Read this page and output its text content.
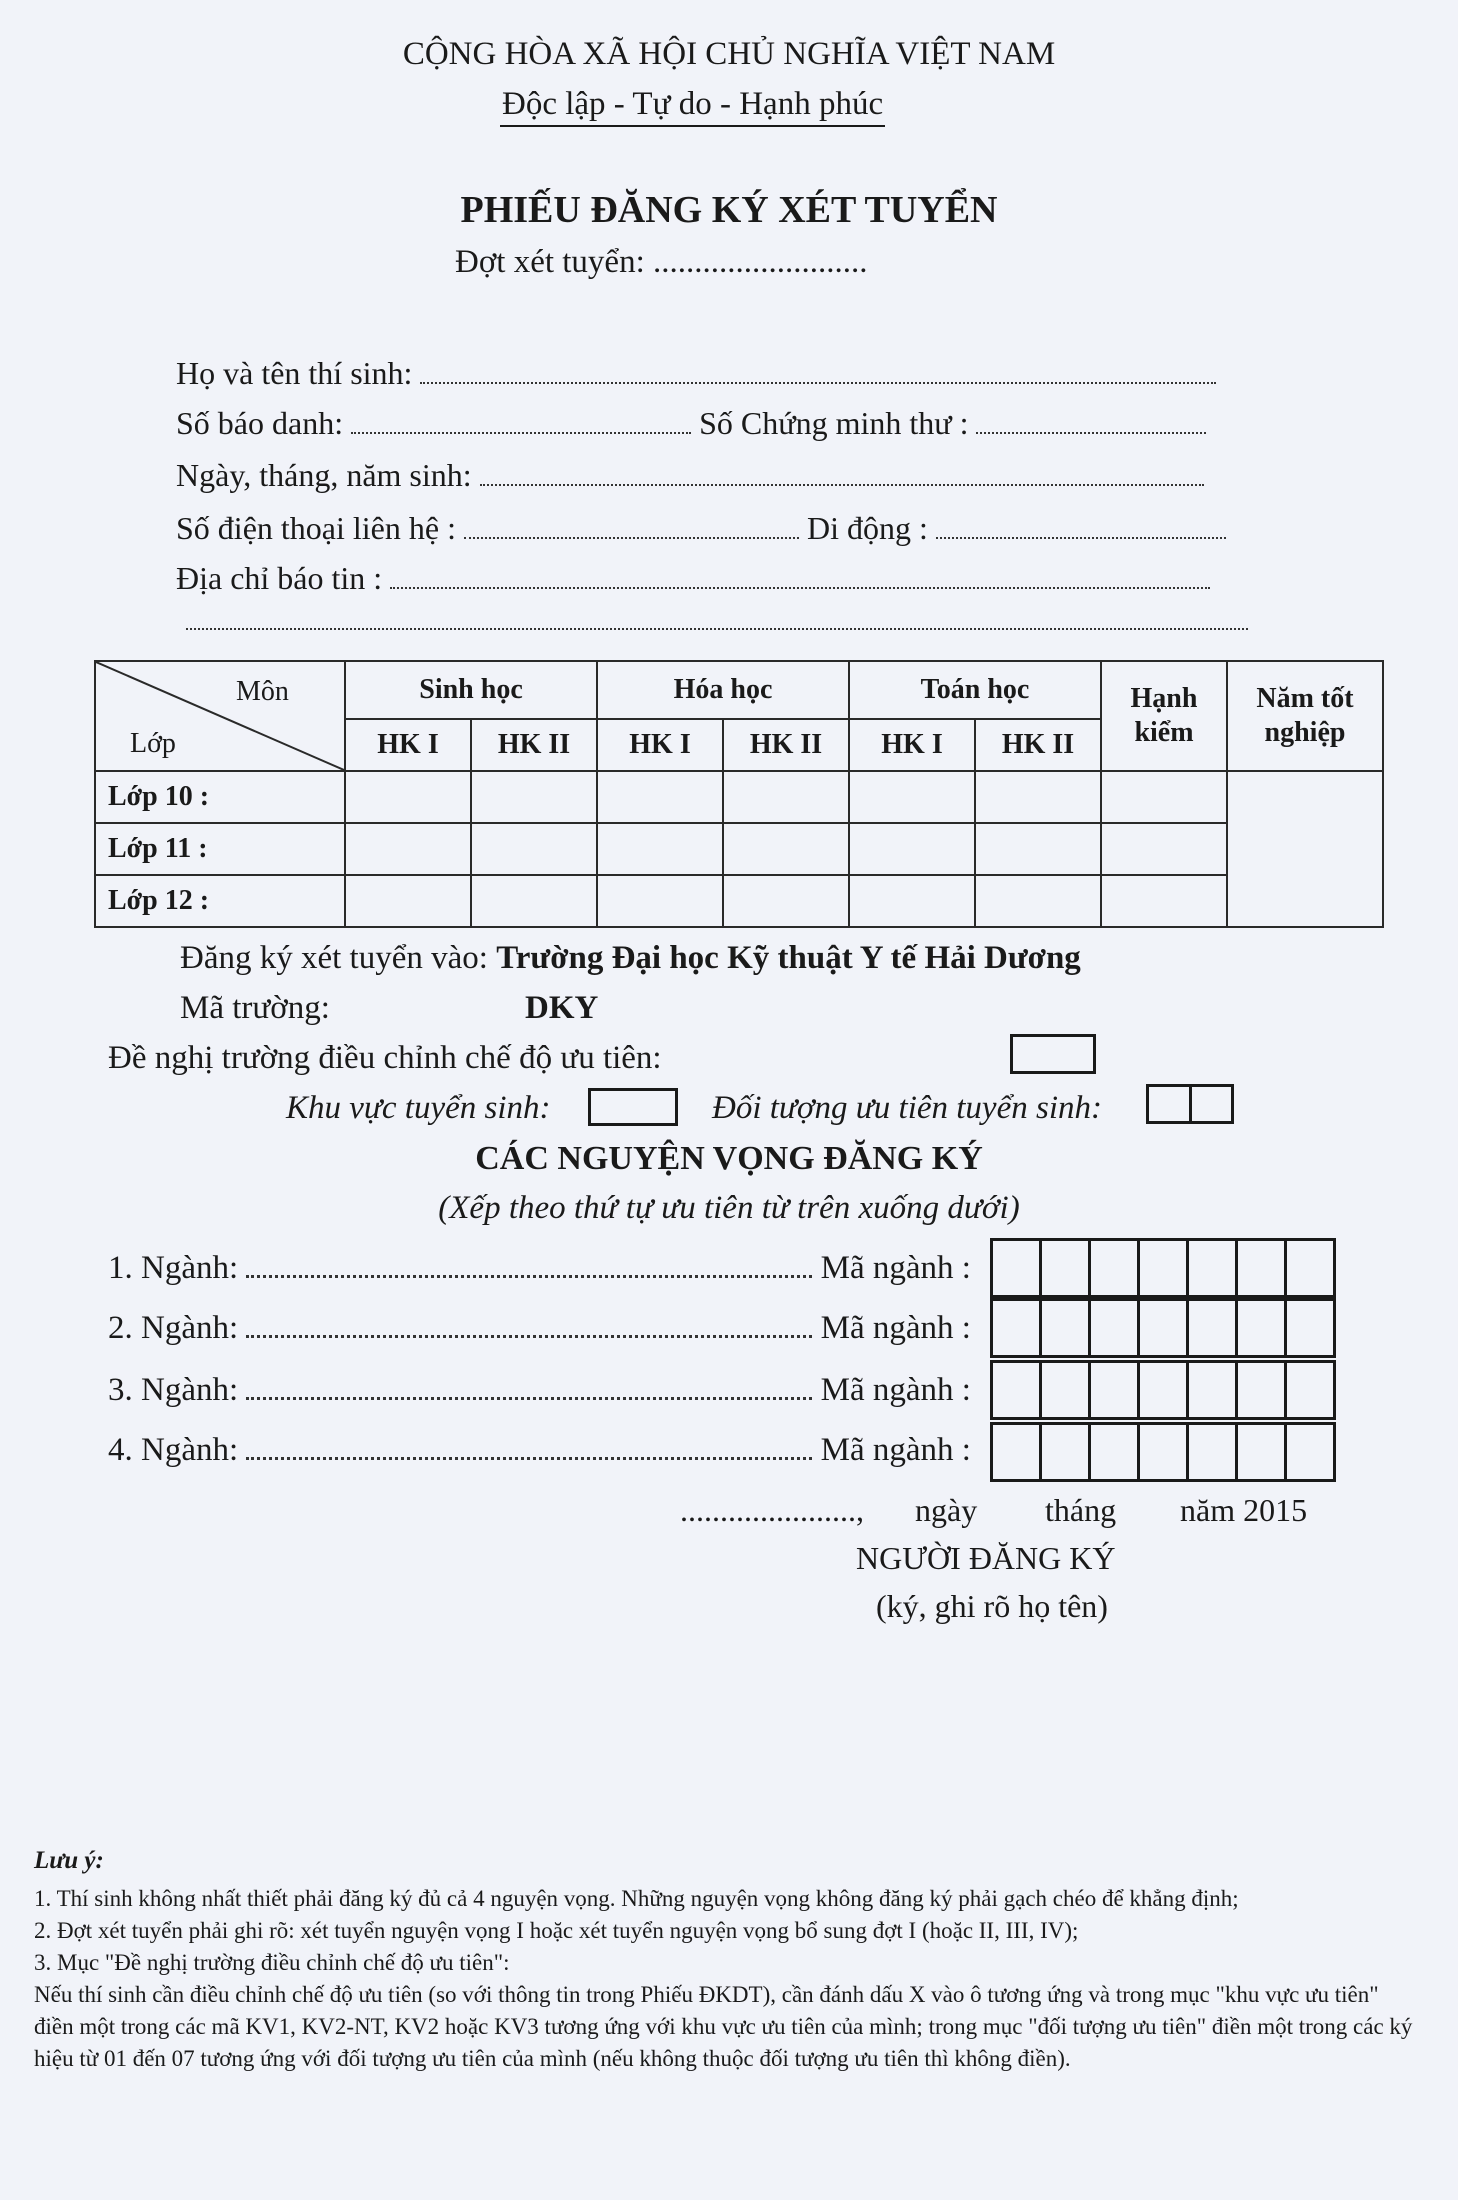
CỘNG HÒA XÃ HỘI CHỦ NGHĨA VIỆT NAM
Độc lập - Tự do - Hạnh phúc
PHIẾU ĐĂNG KÝ XÉT TUYỂN
Đợt xét tuyển: ..........................
Họ và tên thí sinh:
Số báo danh:	Số Chứng minh thư :
Ngày, tháng, năm sinh:
Số điện thoại liên hệ :	Di động :
Địa chỉ báo tin :
Môn
Lớp	Sinh học		Hóa học		Toán học		Hạnh kiểm	Năm tốt nghiệp
	HK I	HK II	HK I	HK II	HK I	HK II		
Lớp 10 :								
Lớp 11 :								
Lớp 12 :								
Đăng ký xét tuyển vào: Trường Đại học Kỹ thuật Y tế Hải Dương
Mã trường:	DKY
Đề nghị trường điều chỉnh chế độ ưu tiên:
Khu vực tuyển sinh:	Đối tượng ưu tiên tuyển sinh:
CÁC NGUYỆN VỌNG ĐĂNG KÝ
(Xếp theo thứ tự ưu tiên từ trên xuống dưới)
1. Ngành:	Mã ngành :
2. Ngành:	Mã ngành :
3. Ngành:	Mã ngành :
4. Ngành:	Mã ngành :
......................, ngày tháng năm 2015
NGƯỜI ĐĂNG KÝ
(ký, ghi rõ họ tên)

Lưu ý:

1. Thí sinh không nhất thiết phải đăng ký đủ cả 4 nguyện vọng. Những nguyện vọng không đăng ký phải gạch chéo để khẳng định;

2. Đợt xét tuyển phải ghi rõ: xét tuyển nguyện vọng I hoặc xét tuyển nguyện vọng bổ sung đợt I (hoặc II, III, IV);

3. Mục "Đề nghị trường điều chỉnh chế độ ưu tiên":

Nếu thí sinh cần điều chỉnh chế độ ưu tiên (so với thông tin trong Phiếu ĐKDT), cần đánh dấu X vào ô tương ứng và trong mục "khu vực ưu tiên" điền một trong các mã KV1, KV2-NT, KV2 hoặc KV3 tương ứng với khu vực ưu tiên của mình; trong mục "đối tượng ưu tiên" điền một trong các ký hiệu từ 01 đến 07 tương ứng với đối tượng ưu tiên của mình (nếu không thuộc đối tượng ưu tiên thì không điền).
